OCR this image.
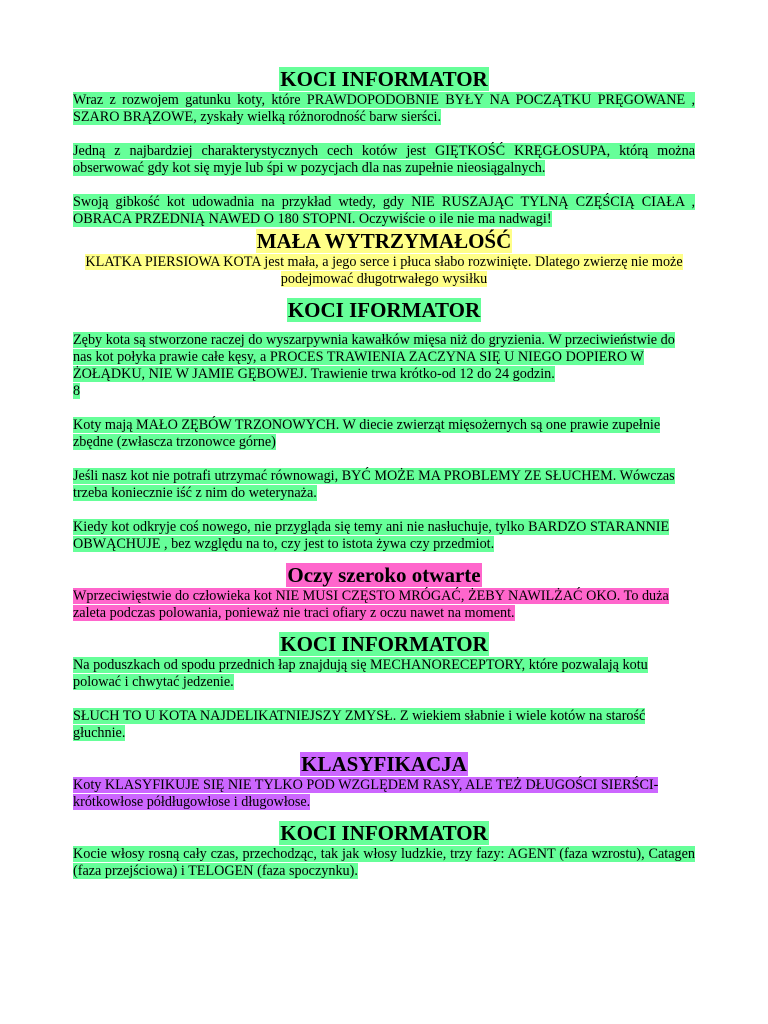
KOCI INFORMATOR

Wraz z rozwojem gatunku koty, które PRAWDOPODOBNIE BYŁY NA POCZĄTKU PRĘGOWANE , SZARO BRĄZOWE, zyskały wielką różnorodność barw sierści.

Jedną z najbardziej charakterystycznych cech kotów jest GIĘTKOŚĆ KRĘGŁOSUPA, którą można obserwować gdy kot się myje lub śpi w pozycjach dla nas zupełnie nieosiągalnych.

Swoją gibkość kot udowadnia na przykład wtedy, gdy NIE RUSZAJĄC TYLNĄ CZĘŚCIĄ CIAŁA , OBRACA PRZEDNIĄ NAWED O 180 STOPNI. Oczywiście o ile nie ma nadwagi!

MAŁA WYTRZYMAŁOŚĆ

KLATKA PIERSIOWA KOTA jest mała, a jego serce i płuca słabo rozwinięte. Dlatego zwierzę nie może podejmować długotrwałego wysiłku

KOCI IFORMATOR

Zęby kota są stworzone raczej do wyszarpywnia kawałków mięsa niż do gryzienia. W przeciwieństwie do nas kot połyka prawie całe kęsy, a PROCES TRAWIENIA ZACZYNA SIĘ U NIEGO DOPIERO W ŻOŁĄDKU, NIE W JAMIE GĘBOWEJ. Trawienie trwa krótko-od 12 do 24 godzin.
8

Koty mają MAŁO ZĘBÓW TRZONOWYCH. W diecie zwierząt mięsożernych są one prawie zupełnie zbędne (zwłascza trzonowce górne)

Jeśli nasz kot nie potrafi utrzymać równowagi, BYĆ MOŻE MA PROBLEMY ZE SŁUCHEM. Wówczas trzeba koniecznie iść z nim do weterynaża.

Kiedy kot odkryje coś nowego, nie przygląda się temy ani nie nasłuchuje, tylko BARDZO STARANNIE OBWĄCHUJE , bez względu na to, czy jest to istota żywa czy przedmiot.

Oczy szeroko otwarte

Wprzeciwięstwie do człowieka kot NIE MUSI CZĘSTO MRÓGAĆ, ŻEBY NAWILŻAĆ OKO. To duża zaleta podczas polowania, ponieważ nie traci ofiary z oczu nawet na moment.

KOCI INFORMATOR

Na poduszkach od spodu przednich łap znajdują się MECHANORECEPTORY, które pozwalają kotu polować i chwytać jedzenie.

SŁUCH TO U KOTA NAJDELIKATNIEJSZY ZMYSŁ. Z wiekiem słabnie i wiele kotów na starość głuchnie.

KLASYFIKACJA

Koty KLASYFIKUJE SIĘ NIE TYLKO POD WZGLĘDEM RASY, ALE TEŻ DŁUGOŚCI SIERŚCI- krótkowłose półdługowłose i długowłose.

KOCI INFORMATOR

Kocie włosy rosną cały czas, przechodząc, tak jak włosy ludzkie, trzy fazy: AGENT (faza wzrostu), Catagen (faza przejściowa) i TELOGEN (faza spoczynku).
